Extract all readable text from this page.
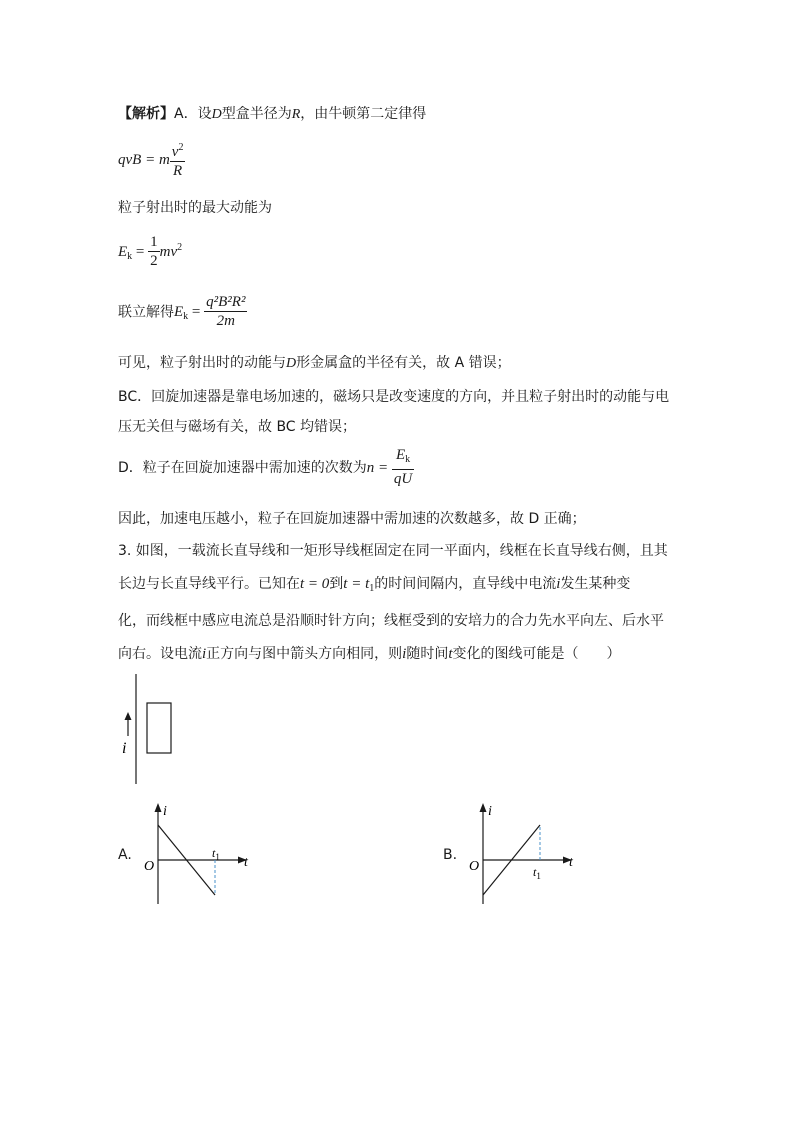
【解析】A．设D型盒半径为R，由牛顿第二定律得
qvB = m $\frac{v^2}{R}$
粒子射出时的最大动能为
$E_k = \frac{1}{2} mv^2$
联立解得$E_k = \frac{\text{q²B²R²}}{2m}$
可见，粒子射出时的动能与D形金属盒的半径有关，故 A 错误；
BC．回旋加速器是靠电场加速的，磁场只是改变速度的方向，并且粒子射出时的动能与电
压无关但与磁场有关，故 BC 均错误；
D．粒子在回旋加速器中需加速的次数为$n = \frac{E_k}{qU}$
因此，加速电压越小，粒子在回旋加速器中需加速的次数越多，故 D 正确；
3. 如图，一载流长直导线和一矩形导线框固定在同一平面内，线框在长直导线右侧，且其
长边与长直导线平行。已知在t = 0到$t = t_1$的时间间隔内，直导线中电流i发生某种变
化，而线框中感应电流总是沿顺时针方向；线框受到的安培力的合力先水平向左、后水平
向右。设电流i正方向与图中箭头方向相同，则i随时间t变化的图线可能是（　　）
i
A.
i
t
O
$t_1$	B.
i
t
O	$t_1$
